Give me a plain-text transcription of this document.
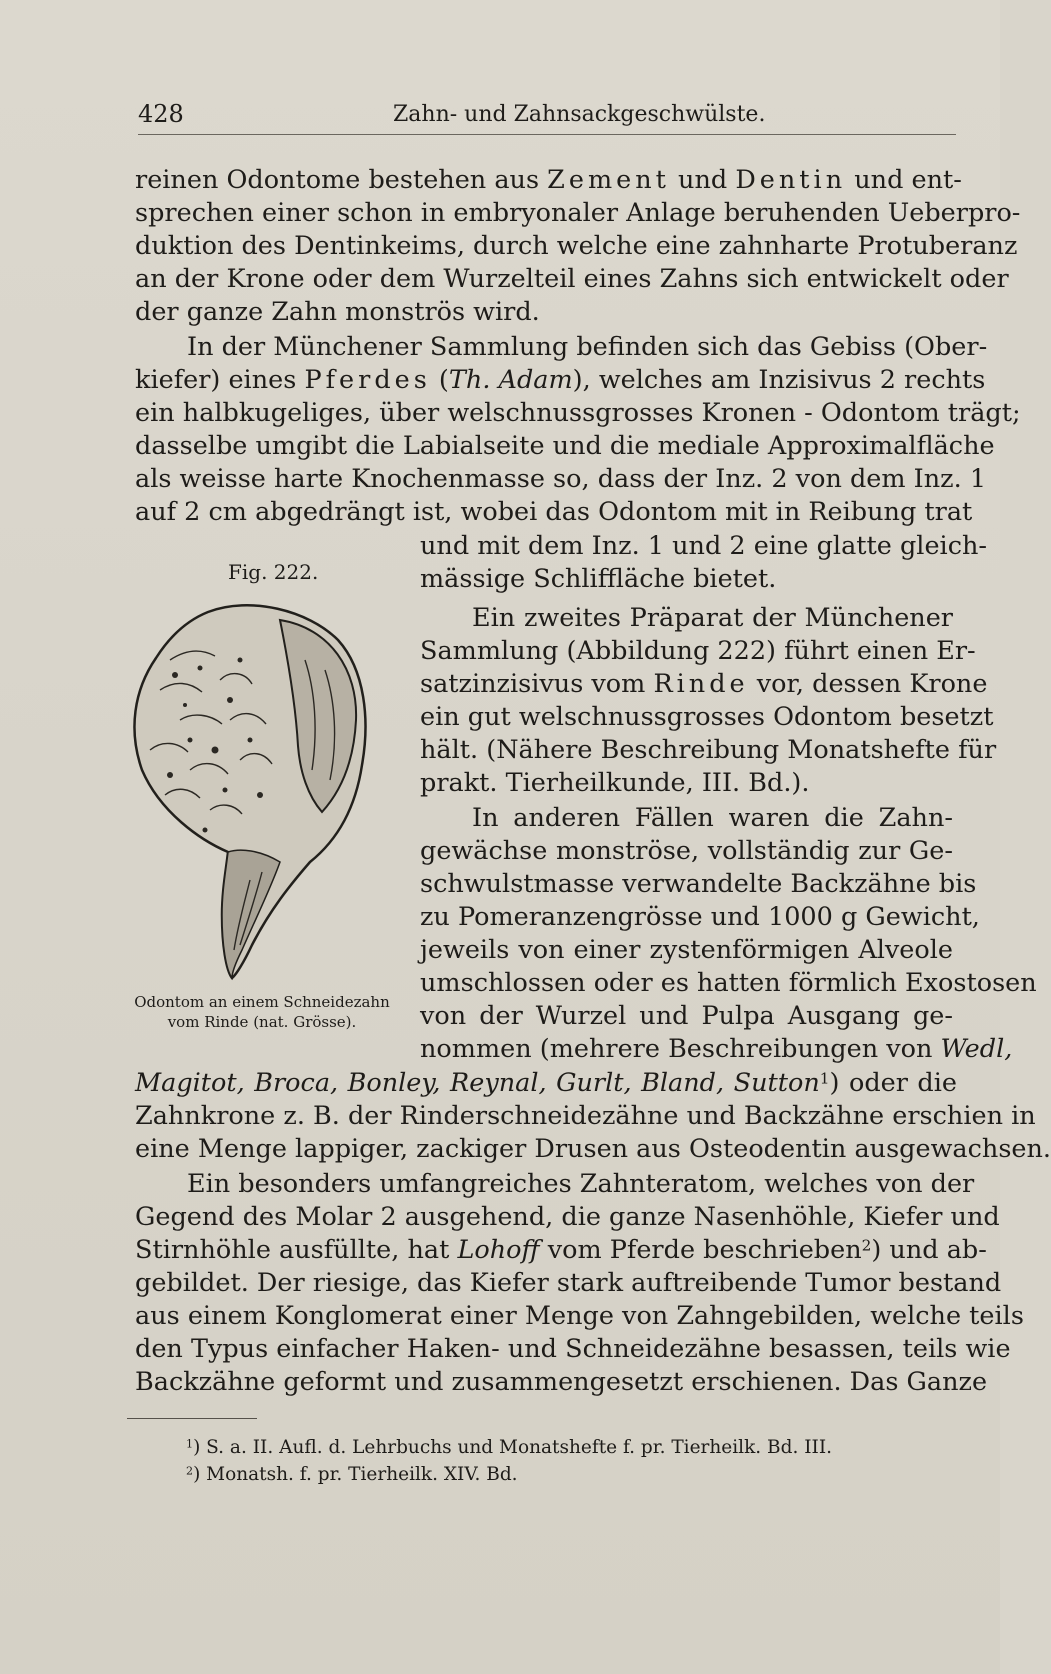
428	Zahn- und Zahnsackgeschwülste.
reinen Odontome bestehen aus Zement und Dentin und ent-
sprechen einer schon in embryonaler Anlage beruhenden Ueberpro-
duktion des Dentinkeims, durch welche eine zahnharte Protuberanz
an der Krone oder dem Wurzelteil eines Zahns sich entwickelt oder
der ganze Zahn monströs wird.
In der Münchener Sammlung befinden sich das Gebiss (Ober-
kiefer) eines Pferdes (Th. Adam), welches am Inzisivus 2 rechts
ein halbkugeliges, über welschnussgrosses Kronen - Odontom trägt;
dasselbe umgibt die Labialseite und die mediale Approximalfläche
als weisse harte Knochenmasse so, dass der Inz. 2 von dem Inz. 1
auf 2 cm abgedrängt ist, wobei das Odontom mit in Reibung trat
und mit dem Inz. 1 und 2 eine glatte gleich-
mässige Schliffläche bietet.
Fig. 222.
Odontom an einem Schneidezahn
vom Rinde (nat. Grösse).
Ein zweites Präparat der Münchener
Sammlung (Abbildung 222) führt einen Er-
satzinzisivus vom Rinde vor, dessen Krone
ein gut welschnussgrosses Odontom besetzt
hält. (Nähere Beschreibung Monatshefte für
prakt. Tierheilkunde, III. Bd.).
In anderen Fällen waren die Zahn-
gewächse monströse, vollständig zur Ge-
schwulstmasse verwandelte Backzähne bis
zu Pomeranzengrösse und 1000 g Gewicht,
jeweils von einer zystenförmigen Alveole
umschlossen oder es hatten förmlich Exostosen
von der Wurzel und Pulpa Ausgang ge-
nommen (mehrere Beschreibungen von Wedl,
Magitot, Broca, Bonley, Reynal, Gurlt, Bland, Sutton$^1$) oder die
Zahnkrone z. B. der Rinderschneidezähne und Backzähne erschien in
eine Menge lappiger, zackiger Drusen aus Osteodentin ausgewachsen.
Ein besonders umfangreiches Zahnteratom, welches von der
Gegend des Molar 2 ausgehend, die ganze Nasenhöhle, Kiefer und
Stirnhöhle ausfüllte, hat Lohoff vom Pferde beschrieben$^2$) und ab-
gebildet. Der riesige, das Kiefer stark auftreibende Tumor bestand
aus einem Konglomerat einer Menge von Zahngebilden, welche teils
den Typus einfacher Haken- und Schneidezähne besassen, teils wie
Backzähne geformt und zusammengesetzt erschienen. Das Ganze
$^1$) S. a. II. Aufl. d. Lehrbuchs und Monatshefte f. pr. Tierheilk. Bd. III.
$^2$) Monatsh. f. pr. Tierheilk. XIV. Bd.
